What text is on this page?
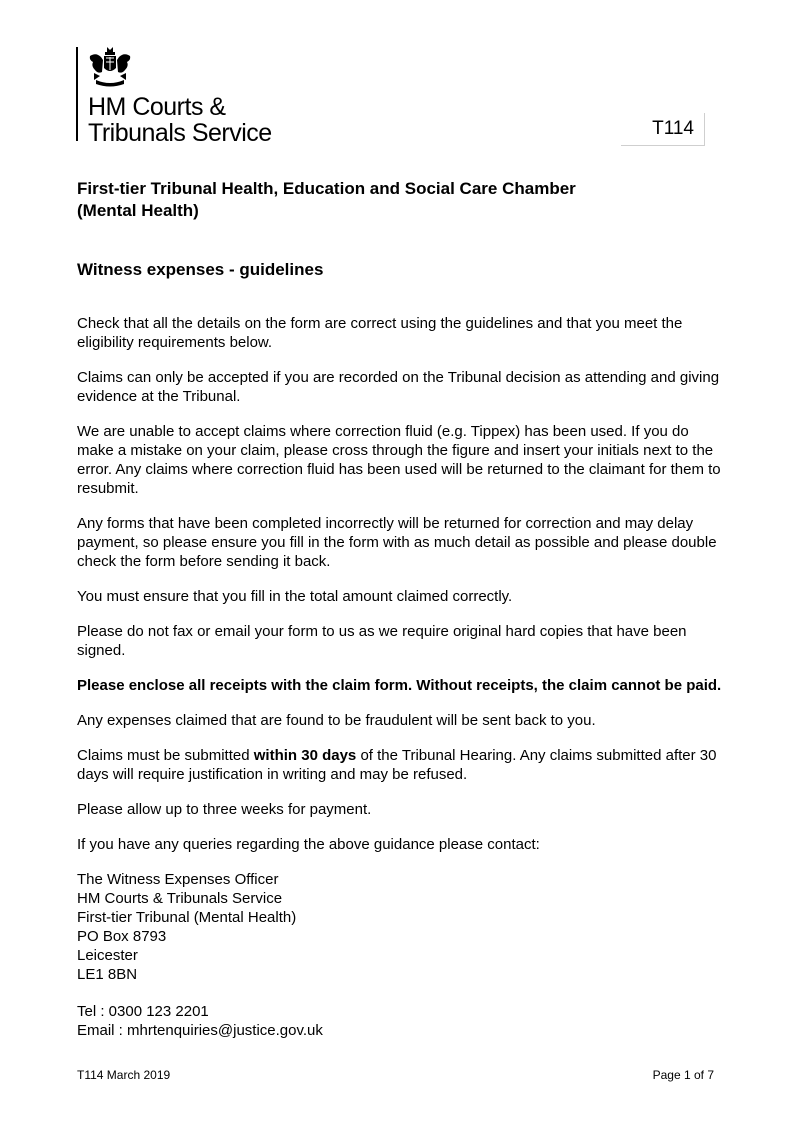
HM Courts &
Tribunals Service	T114
First-tier Tribunal Health, Education and Social Care Chamber
(Mental Health)
Witness expenses - guidelines

Check that all the details on the form are correct using the guidelines and that you meet the eligibility requirements below.

Claims can only be accepted if you are recorded on the Tribunal decision as attending and giving evidence at the Tribunal.

We are unable to accept claims where correction fluid (e.g. Tippex) has been used. If you do make a mistake on your claim, please cross through the figure and insert your initials next to the error. Any claims where correction fluid has been used will be returned to the claimant for them to resubmit.

Any forms that have been completed incorrectly will be returned for correction and may delay payment, so please ensure you fill in the form with as much detail as possible and please double check the form before sending it back.

You must ensure that you fill in the total amount claimed correctly.

Please do not fax or email your form to us as we require original hard copies that have been signed.

Please enclose all receipts with the claim form. Without receipts, the claim cannot be paid.

Any expenses claimed that are found to be fraudulent will be sent back to you.

Claims must be submitted within 30 days of the Tribunal Hearing. Any claims submitted after 30 days will require justification in writing and may be refused.

Please allow up to three weeks for payment.

If you have any queries regarding the above guidance please contact:

The Witness Expenses Officer
HM Courts & Tribunals Service
First-tier Tribunal (Mental Health)
PO Box 8793
Leicester
LE1 8BN
Tel : 0300 123 2201
Email : mhrtenquiries@justice.gov.uk
T114 March 2019	Page 1 of 7
